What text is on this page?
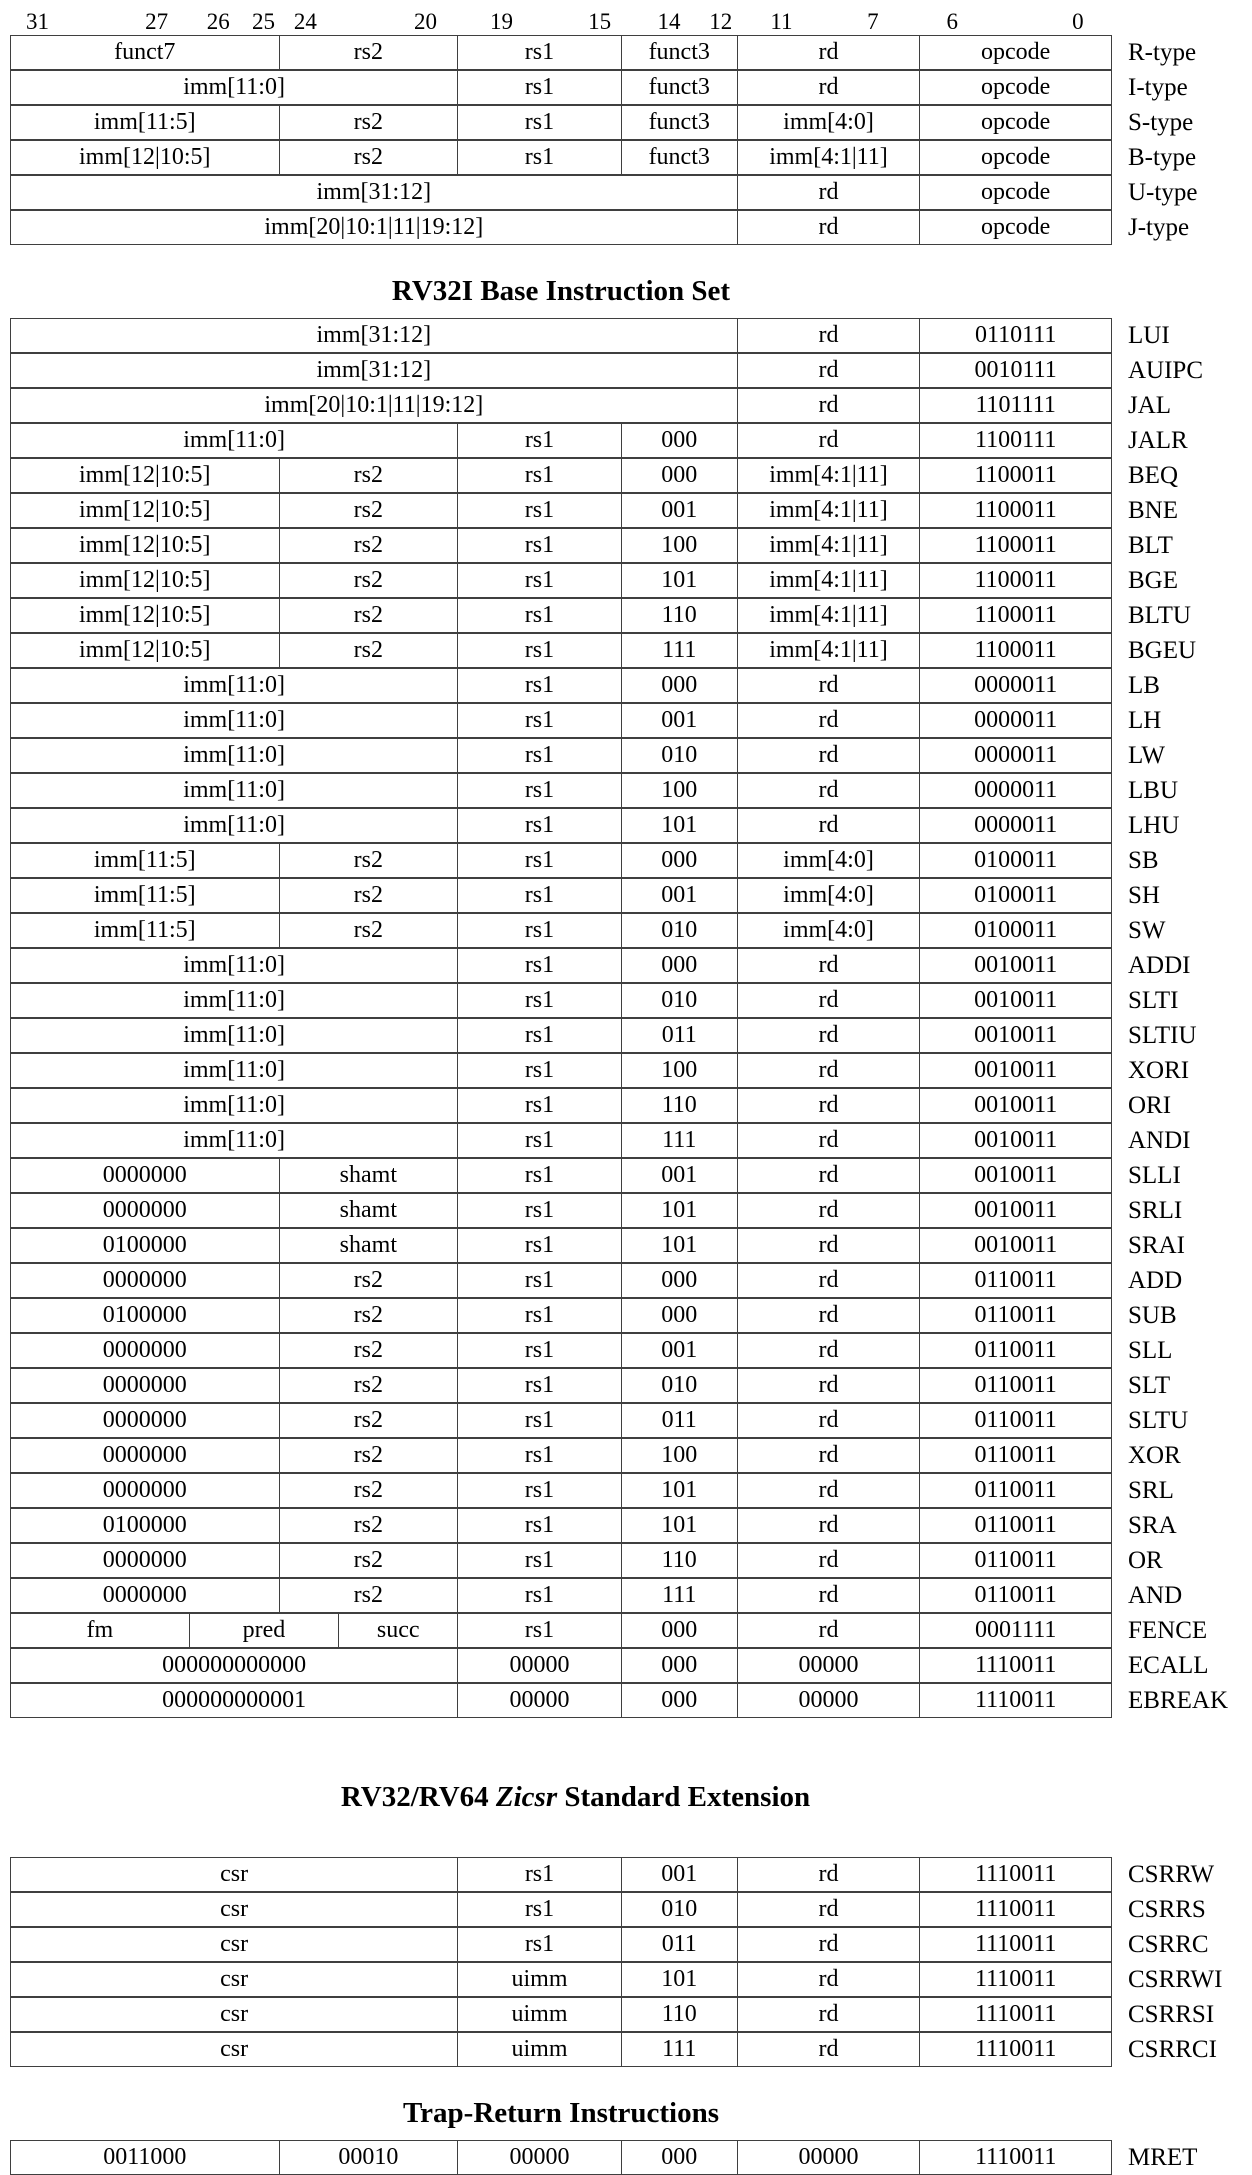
31	27 26 25 24	20 19	15 14 12 11	7	6	0
funct7	rs2	rs1	funct3	rd	opcode	R-type
imm[11:0]	rs1	funct3	rd	opcode	I-type
imm[11:5]	rs2	rs1	funct3	imm[4:0]	opcode	S-type
imm[12|10:5]	rs2	rs1	funct3	imm[4:1|11]	opcode	B-type
imm[31:12]	rd	opcode	U-type
imm[20|10:1|11|19:12]	rd	opcode	J-type
RV32I Base Instruction Set
imm[31:12]	rd	0110111	LUI
imm[31:12]	rd	0010111	AUIPC
imm[20|10:1|11|19:12]	rd	1101111	JAL
imm[11:0]	rs1	000	rd	1100111	JALR
imm[12|10:5]	rs2	rs1	000	imm[4:1|11]	1100011	BEQ
imm[12|10:5]	rs2	rs1	001	imm[4:1|11]	1100011	BNE
imm[12|10:5]	rs2	rs1	100	imm[4:1|11]	1100011	BLT
imm[12|10:5]	rs2	rs1	101	imm[4:1|11]	1100011	BGE
imm[12|10:5]	rs2	rs1	110	imm[4:1|11]	1100011	BLTU
imm[12|10:5]	rs2	rs1	111	imm[4:1|11]	1100011	BGEU
imm[11:0]	rs1	000	rd	0000011	LB
imm[11:0]	rs1	001	rd	0000011	LH
imm[11:0]	rs1	010	rd	0000011	LW
imm[11:0]	rs1	100	rd	0000011	LBU
imm[11:0]	rs1	101	rd	0000011	LHU
imm[11:5]	rs2	rs1	000	imm[4:0]	0100011	SB
imm[11:5]	rs2	rs1	001	imm[4:0]	0100011	SH
imm[11:5]	rs2	rs1	010	imm[4:0]	0100011	SW
imm[11:0]	rs1	000	rd	0010011	ADDI
imm[11:0]	rs1	010	rd	0010011	SLTI
imm[11:0]	rs1	011	rd	0010011	SLTIU
imm[11:0]	rs1	100	rd	0010011	XORI
imm[11:0]	rs1	110	rd	0010011	ORI
imm[11:0]	rs1	111	rd	0010011	ANDI
0000000	shamt	rs1	001	rd	0010011	SLLI
0000000	shamt	rs1	101	rd	0010011	SRLI
0100000	shamt	rs1	101	rd	0010011	SRAI
0000000	rs2	rs1	000	rd	0110011	ADD
0100000	rs2	rs1	000	rd	0110011	SUB
0000000	rs2	rs1	001	rd	0110011	SLL
0000000	rs2	rs1	010	rd	0110011	SLT
0000000	rs2	rs1	011	rd	0110011	SLTU
0000000	rs2	rs1	100	rd	0110011	XOR
0000000	rs2	rs1	101	rd	0110011	SRL
0100000	rs2	rs1	101	rd	0110011	SRA
0000000	rs2	rs1	110	rd	0110011	OR
0000000	rs2	rs1	111	rd	0110011	AND
fm	pred	succ	rs1	000	rd	0001111	FENCE
000000000000	00000	000	00000	1110011	ECALL
000000000001	00000	000	00000	1110011	EBREAK

RV32/RV64 Zicsr Standard Extension

csr	rs1	001	rd	1110011	CSRRW
csr	rs1	010	rd	1110011	CSRRS
csr	rs1	011	rd	1110011	CSRRC
csr	uimm	101	rd	1110011	CSRRWI
csr	uimm	110	rd	1110011	CSRRSI
csr	uimm	111	rd	1110011	CSRRCI
Trap-Return Instructions
0011000	00010	00000	000	00000	1110011	MRET
